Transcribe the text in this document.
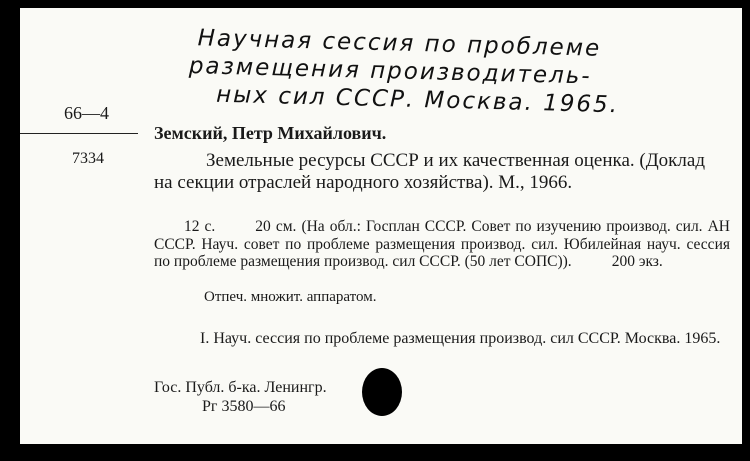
Научная сессия по проблеме
размещения производитель-
ных сил СССР. Москва. 1965.
66—4
7334
Земский, Петр Михайлович.
Земельные ресурсы СССР и их качественная оценка. (Доклад на секции отраслей народного хозяйства). М., 1966.
12 с.	20 см. (На обл.: Госплан СССР. Совет по изучению производ. сил. АН СССР. Науч. совет по проблеме размещения производ. сил. Юбилейная науч. сессия по проблеме размещения производ. сил СССР. (50 лет СОПС)).	200 экз.
Отпеч. множит. аппаратом.
I. Науч. сессия по проблеме размещения производ. сил СССР. Москва. 1965.
Гос. Публ. б-ка. Ленингр.
Рг 3580—66
